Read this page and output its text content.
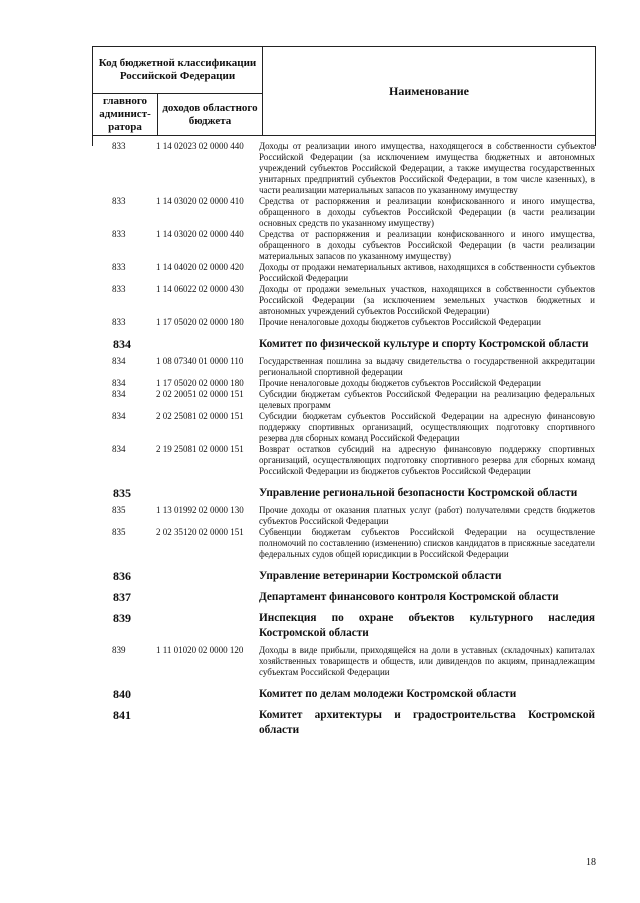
Код бюджетной классификации Российской Федерации		Наименование
главного админист-ратора	доходов областного бюджета	
833	1 14 02023 02 0000 440	Доходы от реализации иного имущества, находящегося в собственности субъектов Российской Федерации (за исключением имущества бюджетных и автономных учреждений субъектов Российской Федерации, а также имущества государственных унитарных предприятий субъектов Российской Федерации, в том числе казенных), в части реализации материальных запасов по указанному имуществу
833	1 14 03020 02 0000 410	Средства от распоряжения и реализации конфискованного и иного имущества, обращенного в доходы субъектов Российской Федерации (в части реализации основных средств по указанному имуществу)
833	1 14 03020 02 0000 440	Средства от распоряжения и реализации конфискованного и иного имущества, обращенного в доходы субъектов Российской Федерации (в части реализации материальных запасов по указанному имуществу)
833	1 14 04020 02 0000 420	Доходы от продажи нематериальных активов, находящихся в собственности субъектов Российской Федерации
833	1 14 06022 02 0000 430	Доходы от продажи земельных участков, находящихся в собственности субъектов Российской Федерации (за исключением земельных участков бюджетных и автономных учреждений субъектов Российской Федерации)
833	1 17 05020 02 0000 180	Прочие неналоговые доходы бюджетов субъектов Российской Федерации
834	Комитет по физической культуре и спорту Костромской области
834	1 08 07340 01 0000 110	Государственная пошлина за выдачу свидетельства о государственной аккредитации региональной спортивной федерации
834	1 17 05020 02 0000 180	Прочие неналоговые доходы бюджетов субъектов Российской Федерации
834	2 02 20051 02 0000 151	Субсидии бюджетам субъектов Российской Федерации на реализацию федеральных целевых программ
834	2 02 25081 02 0000 151	Субсидии бюджетам субъектов Российской Федерации на адресную финансовую поддержку спортивных организаций, осуществляющих подготовку спортивного резерва для сборных команд Российской Федерации
834	2 19 25081 02 0000 151	Возврат остатков субсидий на адресную финансовую поддержку спортивных организаций, осуществляющих подготовку спортивного резерва для сборных команд Российской Федерации из бюджетов субъектов Российской Федерации
835	Управление региональной безопасности Костромской области
835	1 13 01992 02 0000 130	Прочие доходы от оказания платных услуг (работ) получателями средств бюджетов субъектов Российской Федерации
835	2 02 35120 02 0000 151	Субвенции бюджетам субъектов Российской Федерации на осуществление полномочий по составлению (изменению) списков кандидатов в присяжные заседатели федеральных судов общей юрисдикции в Российской Федерации
836	Управление ветеринарии Костромской области
837	Департамент финансового контроля Костромской области
839	Инспекция по охране объектов культурного наследия Костромской области
839	1 11 01020 02 0000 120	Доходы в виде прибыли, приходящейся на доли в уставных (складочных) капиталах хозяйственных товариществ и обществ, или дивидендов по акциям, принадлежащим субъектам Российской Федерации
840	Комитет по делам молодежи Костромской области
841	Комитет архитектуры и градостроительства Костромской области
18
